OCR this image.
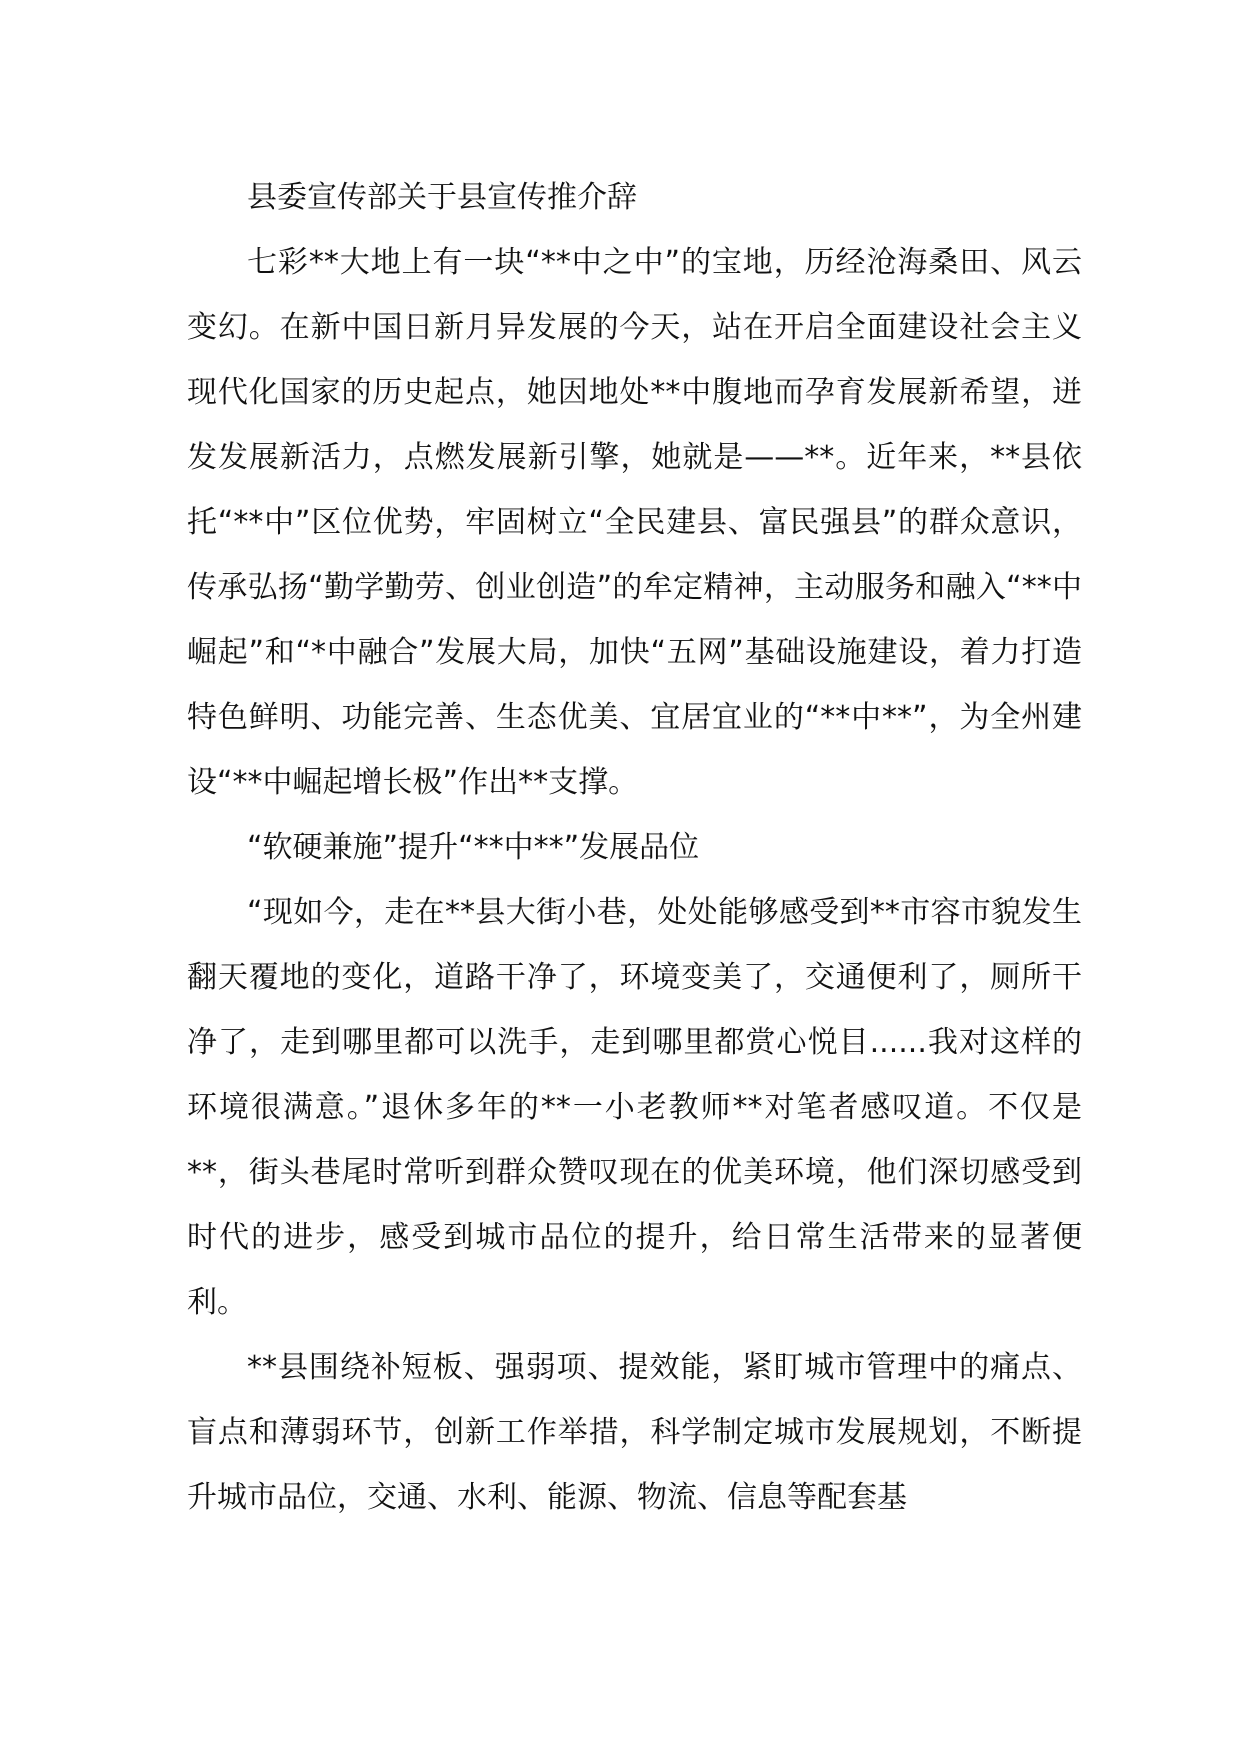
县委宣传部关于县宣传推介辞

七彩**大地上有一块“**中之中”的宝地，历经沧海桑田、风云变幻。在新中国日新月异发展的今天，站在开启全面建设社会主义现代化国家的历史起点，她因地处**中腹地而孕育发展新希望，迸发发展新活力，点燃发展新引擎，她就是——**。近年来，**县依托“**中”区位优势，牢固树立“全民建县、富民强县”的群众意识，传承弘扬“勤学勤劳、创业创造”的牟定精神，主动服务和融入“**中崛起”和“*中融合”发展大局，加快“五网”基础设施建设，着力打造特色鲜明、功能完善、生态优美、宜居宜业的“**中**”，为全州建设“**中崛起增长极”作出**支撑。

“软硬兼施”提升“**中**”发展品位

“现如今，走在**县大街小巷，处处能够感受到**市容市貌发生翻天覆地的变化，道路干净了，环境变美了，交通便利了，厕所干净了，走到哪里都可以洗手，走到哪里都赏心悦目......我对这样的环境很满意。”退休多年的**一小老教师**对笔者感叹道。不仅是**，街头巷尾时常听到群众赞叹现在的优美环境，他们深切感受到时代的进步，感受到城市品位的提升，给日常生活带来的显著便利。

**县围绕补短板、强弱项、提效能，紧盯城市管理中的痛点、盲点和薄弱环节，创新工作举措，科学制定城市发展规划，不断提升城市品位，交通、水利、能源、物流、信息等配套基
